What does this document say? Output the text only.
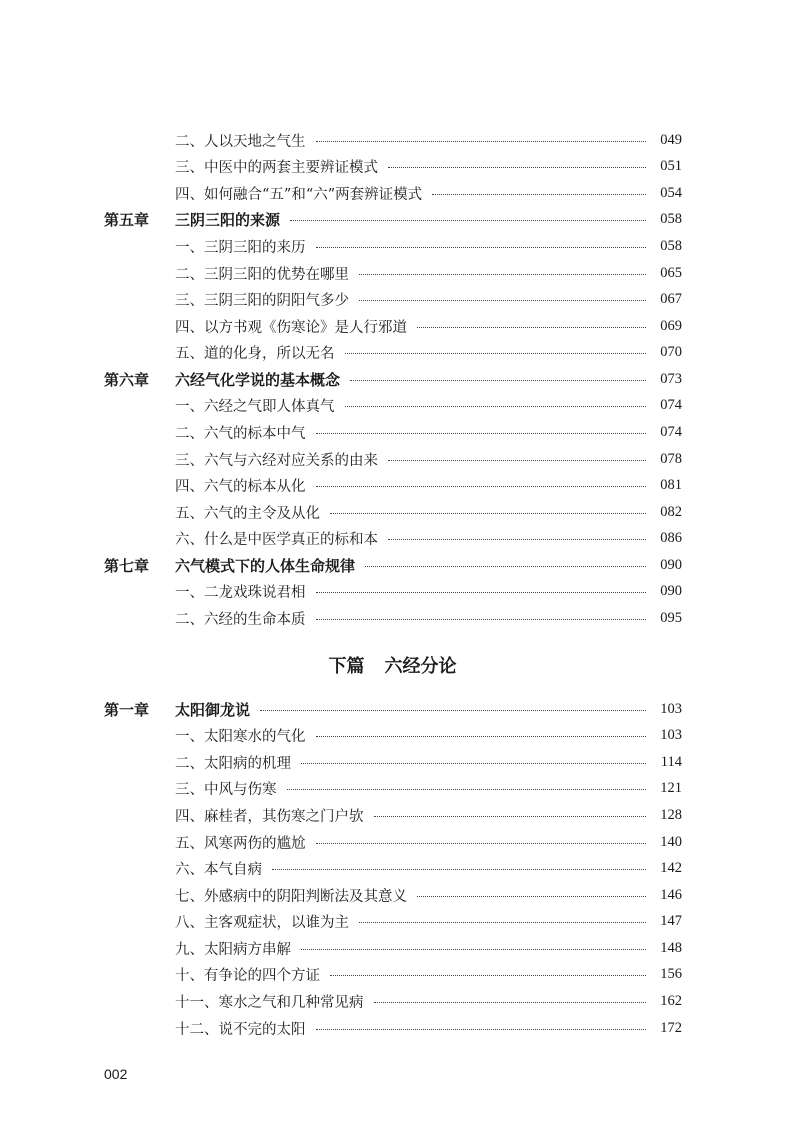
二、人以天地之气生	049
三、中医中的两套主要辨证模式	051
四、如何融合“五”和“六”两套辨证模式	054
第五章	三阴三阳的来源	058
一、三阴三阳的来历	058
二、三阴三阳的优势在哪里	065
三、三阴三阳的阴阳气多少	067
四、以方书观《伤寒论》是人行邪道	069
五、道的化身，所以无名	070
第六章	六经气化学说的基本概念	073
一、六经之气即人体真气	074
二、六气的标本中气	074
三、六气与六经对应关系的由来	078
四、六气的标本从化	081
五、六气的主令及从化	082
六、什么是中医学真正的标和本	086
第七章	六气模式下的人体生命规律	090
一、二龙戏珠说君相	090
二、六经的生命本质	095
下篇 六经分论
第一章	太阳御龙说	103
一、太阳寒水的气化	103
二、太阳病的机理	114
三、中风与伤寒	121
四、麻桂者，其伤寒之门户欤	128
五、风寒两伤的尴尬	140
六、本气自病	142
七、外感病中的阴阳判断法及其意义	146
八、主客观症状，以谁为主	147
九、太阳病方串解	148
十、有争论的四个方证	156
十一、寒水之气和几种常见病	162
十二、说不完的太阳	172
002
